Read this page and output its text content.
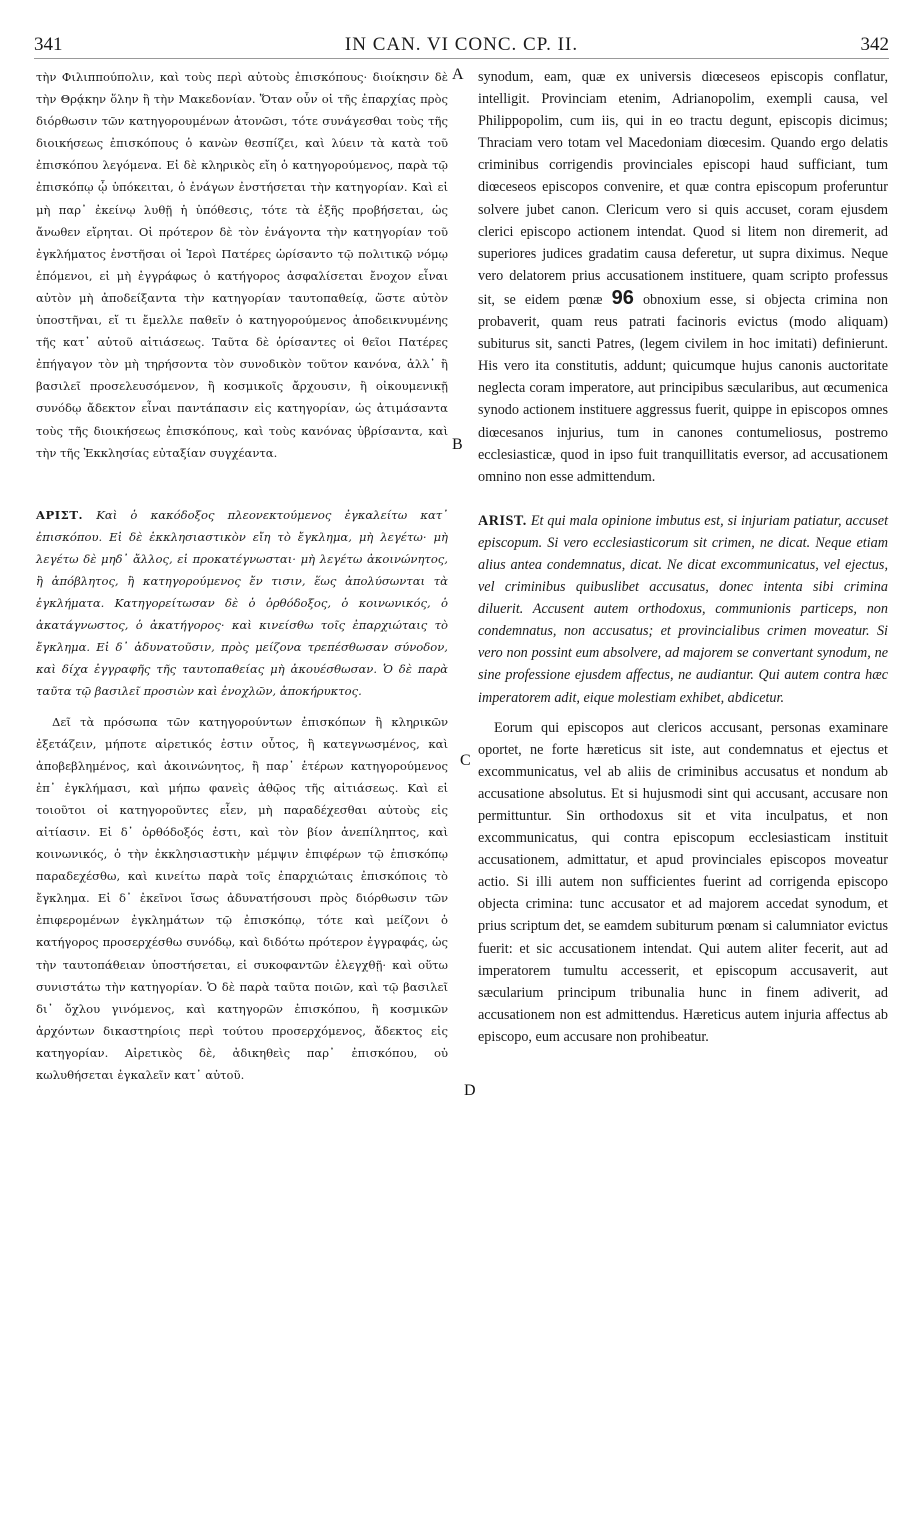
341	IN CAN. VI CONC. CP. II.	342

τὴν Φιλιππούπολιν, καὶ τοὺς περὶ αὐτοὺς ἐπισκόπους· διοίκησιν δὲ τὴν Θρᾴκην ὅλην ἢ τὴν Μακεδονίαν. Ὅταν οὖν οἱ τῆς ἐπαρχίας πρὸς διόρθωσιν τῶν κατηγορουμένων ἀτονῶσι, τότε συνάγεσθαι τοὺς τῆς διοικήσεως ἐπισκόπους ὁ κανὼν θεσπίζει, καὶ λύειν τὰ κατὰ τοῦ ἐπισκόπου λεγόμενα. Εἰ δὲ κληρικὸς εἴη ὁ κατηγορούμενος, παρὰ τῷ ἐπισκόπῳ ᾧ ὑπόκειται, ὁ ἐνάγων ἐνστήσεται τὴν κατηγορίαν. Καὶ εἰ μὴ παρ᾽ ἐκείνῳ λυθῇ ἡ ὑπόθεσις, τότε τὰ ἑξῆς προβήσεται, ὡς ἄνωθεν εἴρηται. Οἱ πρότερον δὲ τὸν ἐνάγοντα τὴν κατηγορίαν τοῦ ἐγκλήματος ἐνστῆσαι οἱ Ἱεροὶ Πατέρες ὡρίσαντο τῷ πολιτικῷ νόμῳ ἑπόμενοι, εἰ μὴ ἐγγράφως ὁ κατήγορος ἀσφαλίσεται ἔνοχον εἶναι αὐτὸν μὴ ἀποδείξαντα τὴν κατηγορίαν ταυτοπαθείᾳ, ὥστε αὐτὸν ὑποστῆναι, εἴ τι ἔμελλε παθεῖν ὁ κατηγορούμενος ἀποδεικνυμένης τῆς κατ᾽ αὐτοῦ αἰτιάσεως. Ταῦτα δὲ ὁρίσαντες οἱ θεῖοι Πατέρες ἐπήγαγον τὸν μὴ τηρήσοντα τὸν συνοδικὸν τοῦτον κανόνα, ἀλλ᾽ ἢ βασιλεῖ προσελευσόμενον, ἢ κοσμικοῖς ἄρχουσιν, ἢ οἰκουμενικῇ συνόδῳ ἄδεκτον εἶναι παντάπασιν εἰς κατηγορίαν, ὡς ἀτιμάσαντα τοὺς τῆς διοικήσεως ἐπισκόπους, καὶ τοὺς κανόνας ὑβρίσαντα, καὶ τὴν τῆς Ἐκκλησίας εὐταξίαν συγχέαντα.

ΑΡΙΣΤ. Καὶ ὁ κακόδοξος πλεονεκτούμενος ἐγκαλείτω κατ᾽ ἐπισκόπου. Εἰ δὲ ἐκκλησιαστικὸν εἴη τὸ ἔγκλημα, μὴ λεγέτω· μὴ λεγέτω δὲ μηδ᾽ ἄλλος, εἰ προκατέγνωσται· μὴ λεγέτω ἀκοινώνητος, ἢ ἀπόβλητος, ἢ κατηγορούμενος ἔν τισιν, ἕως ἀπολύσωνται τὰ ἐγκλήματα. Κατηγορείτωσαν δὲ ὁ ὀρθόδοξος, ὁ κοινωνικός, ὁ ἀκατάγνωστος, ὁ ἀκατήγορος· καὶ κινείσθω τοῖς ἐπαρχιώταις τὸ ἔγκλημα. Εἰ δ᾽ ἀδυνατοῦσιν, πρὸς μείζονα τρεπέσθωσαν σύνοδον, καὶ δίχα ἐγγραφῆς τῆς ταυτοπαθείας μὴ ἀκουέσθωσαν. Ὁ δὲ παρὰ ταῦτα τῷ βασιλεῖ προσιὼν καὶ ἐνοχλῶν, ἀποκήρυκτος.

Δεῖ τὰ πρόσωπα τῶν κατηγορούντων ἐπισκόπων ἢ κληρικῶν ἐξετάζειν, μήποτε αἱρετικός ἐστιν οὗτος, ἢ κατεγνωσμένος, καὶ ἀποβεβλημένος, καὶ ἀκοινώνητος, ἢ παρ᾽ ἑτέρων κατηγορούμενος ἐπ᾽ ἐγκλήμασι, καὶ μήπω φανεὶς ἀθῷος τῆς αἰτιάσεως. Καὶ εἰ τοιοῦτοι οἱ κατηγοροῦντες εἶεν, μὴ παραδέχεσθαι αὐτοὺς εἰς αἰτίασιν. Εἰ δ᾽ ὀρθόδοξός ἐστι, καὶ τὸν βίον ἀνεπίληπτος, καὶ κοινωνικός, ὁ τὴν ἐκκλησιαστικὴν μέμψιν ἐπιφέρων τῷ ἐπισκόπῳ παραδεχέσθω, καὶ κινείτω παρὰ τοῖς ἐπαρχιώταις ἐπισκόποις τὸ ἔγκλημα. Εἰ δ᾽ ἐκεῖνοι ἴσως ἀδυνατήσουσι πρὸς διόρθωσιν τῶν ἐπιφερομένων ἐγκλημάτων τῷ ἐπισκόπῳ, τότε καὶ μείζονι ὁ κατήγορος προσερχέσθω συνόδῳ, καὶ διδότω πρότερον ἐγγραφάς, ὡς τὴν ταυτοπάθειαν ὑποστήσεται, εἰ συκοφαντῶν ἐλεγχθῇ· καὶ οὕτω συνιστάτω τὴν κατηγορίαν. Ὁ δὲ παρὰ ταῦτα ποιῶν, καὶ τῷ βασιλεῖ δι᾽ ὄχλου γινόμενος, καὶ κατηγορῶν ἐπισκόπου, ἢ κοσμικῶν ἀρχόντων δικαστηρίοις περὶ τούτου προσερχόμενος, ἄδεκτος εἰς κατηγορίαν. Αἱρετικὸς δὲ, ἀδικηθεὶς παρ᾽ ἐπισκόπου, οὐ κωλυθήσεται ἐγκαλεῖν κατ᾽ αὐτοῦ.

synodum, eam, quæ ex universis diœceseos episcopis conflatur, intelligit. Provinciam etenim, Adrianopolim, exempli causa, vel Philippopolim, cum iis, qui in eo tractu degunt, episcopis dicimus; Thraciam vero totam vel Macedoniam diœcesim. Quando ergo delatis criminibus corrigendis provinciales episcopi haud sufficiant, tum diœceseos episcopos convenire, et quæ contra episcopum proferuntur solvere jubet canon. Clericum vero si quis accuset, coram ejusdem clerici episcopo actionem intendat. Quod si litem non diremerit, ad superiores judices gradatim causa deferetur, ut supra diximus. Neque vero delatorem prius accusationem instituere, quam scripto professus sit, se eidem pœnæ 96 obnoxium esse, si objecta crimina non probaverit, quam reus patrati facinoris evictus (modo aliquam) subiturus sit, sancti Patres, (legem civilem in hoc imitati) definierunt. His vero ita constitutis, addunt; quicumque hujus canonis auctoritate neglecta coram imperatore, aut principibus sæcularibus, aut œcumenica synodo actionem instituere aggressus fuerit, quippe in episcopos omnes diœcesanos injurius, tum in canones contumeliosus, postremo ecclesiasticæ, quod in ipso fuit tranquillitatis eversor, ad accusationem omnino non esse admittendum.

ARIST. Et qui mala opinione imbutus est, si injuriam patiatur, accuset episcopum. Si vero ecclesiasticorum sit crimen, ne dicat. Neque etiam alius antea condemnatus, dicat. Ne dicat excommunicatus, vel ejectus, vel criminibus quibuslibet accusatus, donec intenta sibi crimina diluerit. Accusent autem orthodoxus, communionis particeps, non condemnatus, non accusatus; et provincialibus crimen moveatur. Si vero non possint eum absolvere, ad majorem se convertant synodum, ne sine professione ejusdem affectus, ne audiantur. Qui autem contra hæc imperatorem adit, eique molestiam exhibet, abdicetur.

Eorum qui episcopos aut clericos accusant, personas examinare oportet, ne forte hæreticus sit iste, aut condemnatus et ejectus et excommunicatus, vel ab aliis de criminibus accusatus et nondum ab accusatione absolutus. Et si hujusmodi sint qui accusant, accusare non permittuntur. Sin orthodoxus sit et vita inculpatus, et non excommunicatus, qui contra episcopum ecclesiasticam instituit accusationem, admittatur, et apud provinciales episcopos moveatur actio. Si illi autem non sufficientes fuerint ad corrigenda episcopo objecta crimina: tunc accusator et ad majorem accedat synodum, et prius scriptum det, se eamdem subiturum pœnam si calumniator evictus fuerit: et sic accusationem intendat. Qui autem aliter fecerit, aut ad imperatorem tumultu accesserit, et episcopum accusaverit, aut sæcularium principum tribunalia hunc in finem adiverit, ad accusationem non est admittendus. Hæreticus autem injuria affectus ab episcopo, eum accusare non prohibeatur.

A
B
C
D
